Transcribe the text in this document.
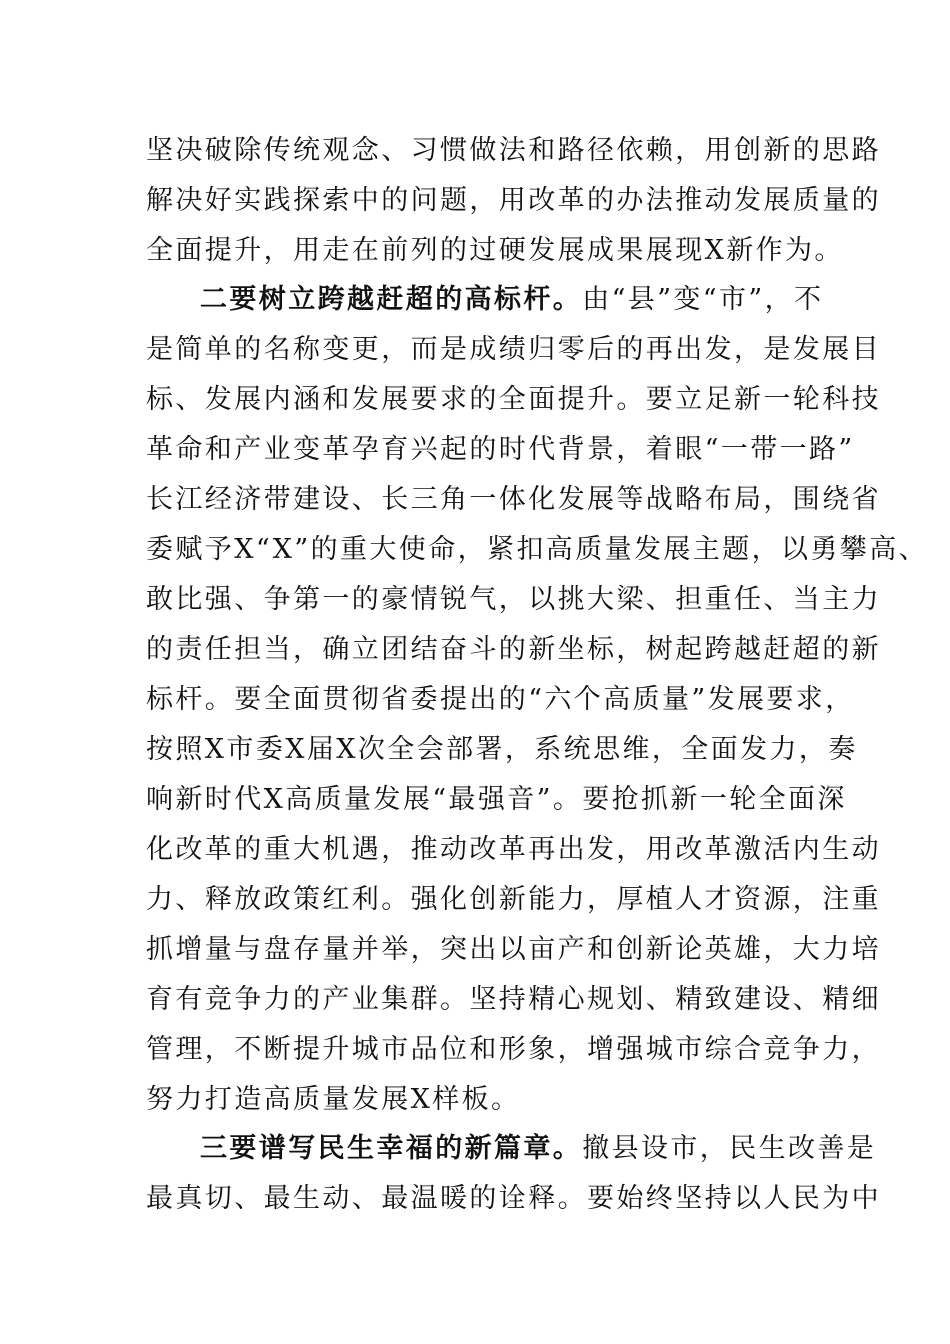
坚决破除传统观念、习惯做法和路径依赖，用创新的思路

解决好实践探索中的问题，用改革的办法推动发展质量的

全面提升，用走在前列的过硬发展成果展现X新作为。

二要树立跨越赶超的高标杆。由“县”变“市”，不

是简单的名称变更，而是成绩归零后的再出发，是发展目

标、发展内涵和发展要求的全面提升。要立足新一轮科技

革命和产业变革孕育兴起的时代背景，着眼“一带一路”

长江经济带建设、长三角一体化发展等战略布局，围绕省

委赋予X“X”的重大使命，紧扣高质量发展主题，以勇攀高、

敢比强、争第一的豪情锐气，以挑大梁、担重任、当主力

的责任担当，确立团结奋斗的新坐标，树起跨越赶超的新

标杆。要全面贯彻省委提出的“六个高质量”发展要求，

按照X市委X届X次全会部署，系统思维，全面发力，奏

响新时代X高质量发展“最强音”。要抢抓新一轮全面深

化改革的重大机遇，推动改革再出发，用改革激活内生动

力、释放政策红利。强化创新能力，厚植人才资源，注重

抓增量与盘存量并举，突出以亩产和创新论英雄，大力培

育有竞争力的产业集群。坚持精心规划、精致建设、精细

管理，不断提升城市品位和形象，增强城市综合竞争力，

努力打造高质量发展X样板。

三要谱写民生幸福的新篇章。撤县设市，民生改善是

最真切、最生动、最温暖的诠释。要始终坚持以人民为中
